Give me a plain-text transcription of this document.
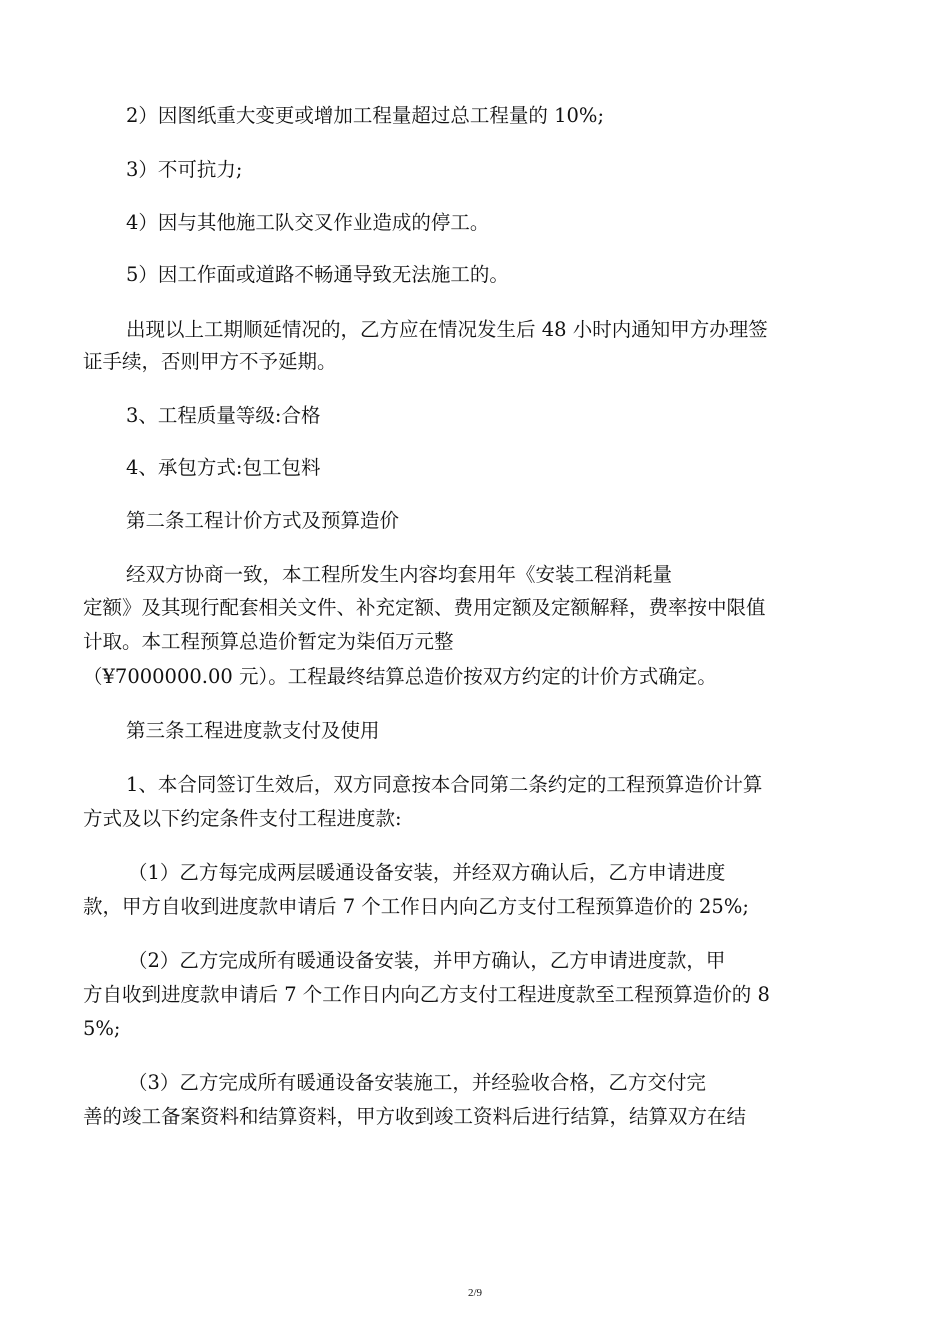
2）因图纸重大变更或增加工程量超过总工程量的 10%;

3）不可抗力;

4）因与其他施工队交叉作业造成的停工。

5）因工作面或道路不畅通导致无法施工的。

出现以上工期顺延情况的，乙方应在情况发生后 48 小时内通知甲方办理签

证手续，否则甲方不予延期。

3、工程质量等级:合格

4、承包方式:包工包料

第二条工程计价方式及预算造价

经双方协商一致，本工程所发生内容均套用年《安装工程消耗量

定额》及其现行配套相关文件、补充定额、费用定额及定额解释，费率按中限值

计取。本工程预算总造价暂定为柒佰万元整

（¥7000000.00 元）。工程最终结算总造价按双方约定的计价方式确定。

第三条工程进度款支付及使用

1、本合同签订生效后，双方同意按本合同第二条约定的工程预算造价计算

方式及以下约定条件支付工程进度款:

（1）乙方每完成两层暖通设备安装，并经双方确认后，乙方申请进度

款，甲方自收到进度款申请后 7 个工作日内向乙方支付工程预算造价的 25%;

（2）乙方完成所有暖通设备安装，并甲方确认，乙方申请进度款，甲

方自收到进度款申请后 7 个工作日内向乙方支付工程进度款至工程预算造价的 8

5%;

（3）乙方完成所有暖通设备安装施工，并经验收合格，乙方交付完

善的竣工备案资料和结算资料，甲方收到竣工资料后进行结算，结算双方在结

2/9
